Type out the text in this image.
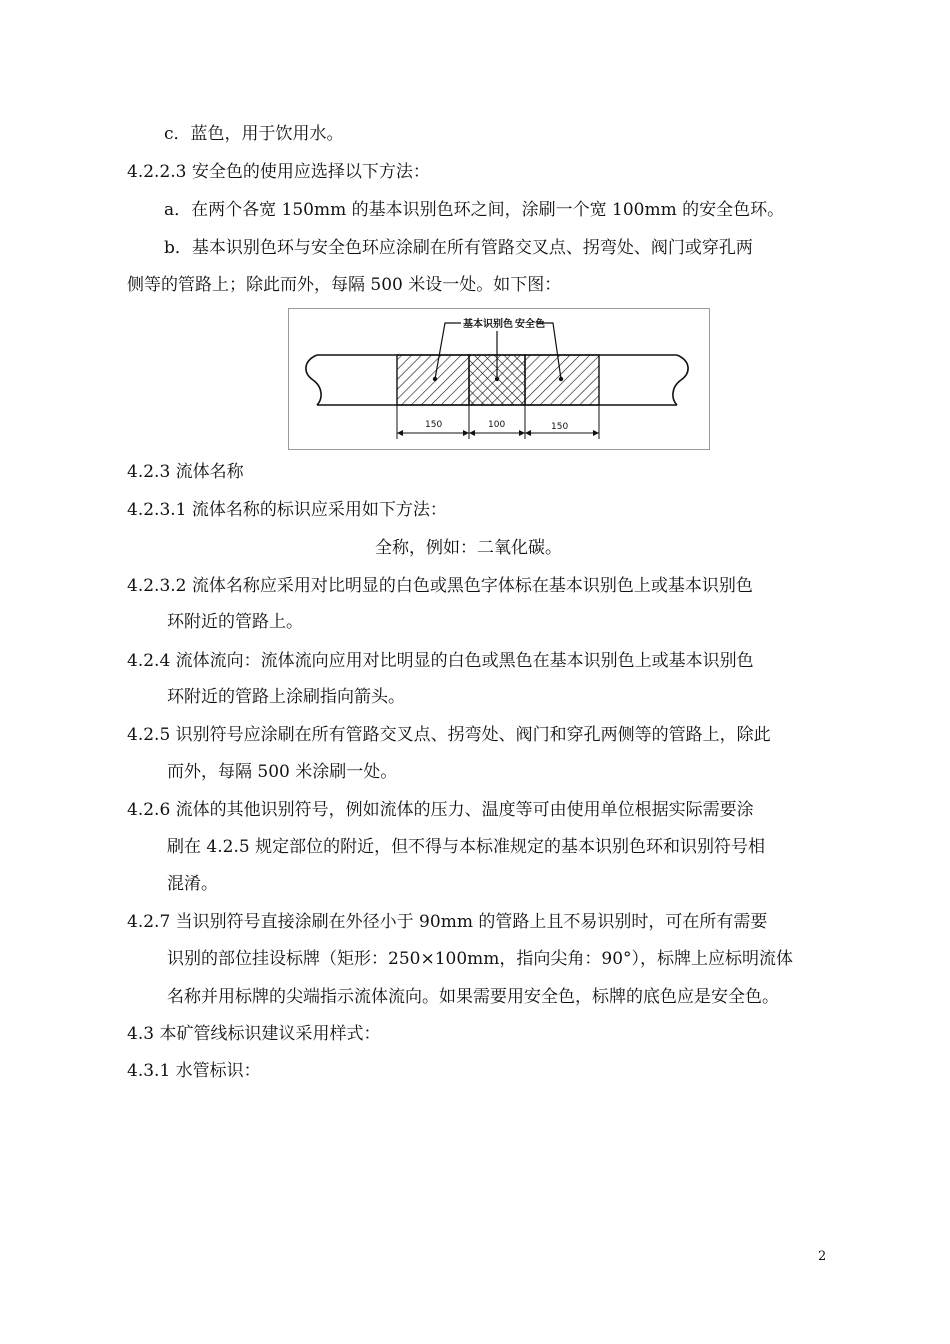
c．蓝色，用于饮用水。
4.2.2.3 安全色的使用应选择以下方法：
a．在两个各宽 150mm 的基本识别色环之间，涂刷一个宽 100mm 的安全色环。
b．基本识别色环与安全色环应涂刷在所有管路交叉点、拐弯处、阀门或穿孔两
侧等的管路上；除此而外，每隔 500 米设一处。如下图：
基本识别色 安全色
150	100	150
4.2.3 流体名称
4.2.3.1 流体名称的标识应采用如下方法：
全称，例如：二氧化碳。
4.2.3.2 流体名称应采用对比明显的白色或黑色字体标在基本识别色上或基本识别色
环附近的管路上。
4.2.4 流体流向：流体流向应用对比明显的白色或黑色在基本识别色上或基本识别色
环附近的管路上涂刷指向箭头。
4.2.5 识别符号应涂刷在所有管路交叉点、拐弯处、阀门和穿孔两侧等的管路上，除此
而外，每隔 500 米涂刷一处。
4.2.6 流体的其他识别符号，例如流体的压力、温度等可由使用单位根据实际需要涂
刷在 4.2.5 规定部位的附近，但不得与本标准规定的基本识别色环和识别符号相
混淆。
4.2.7 当识别符号直接涂刷在外径小于 90mm 的管路上且不易识别时，可在所有需要
识别的部位挂设标牌（矩形：250×100mm，指向尖角：90°），标牌上应标明流体
名称并用标牌的尖端指示流体流向。如果需要用安全色，标牌的底色应是安全色。
4.3 本矿管线标识建议采用样式：
4.3.1 水管标识：
2
